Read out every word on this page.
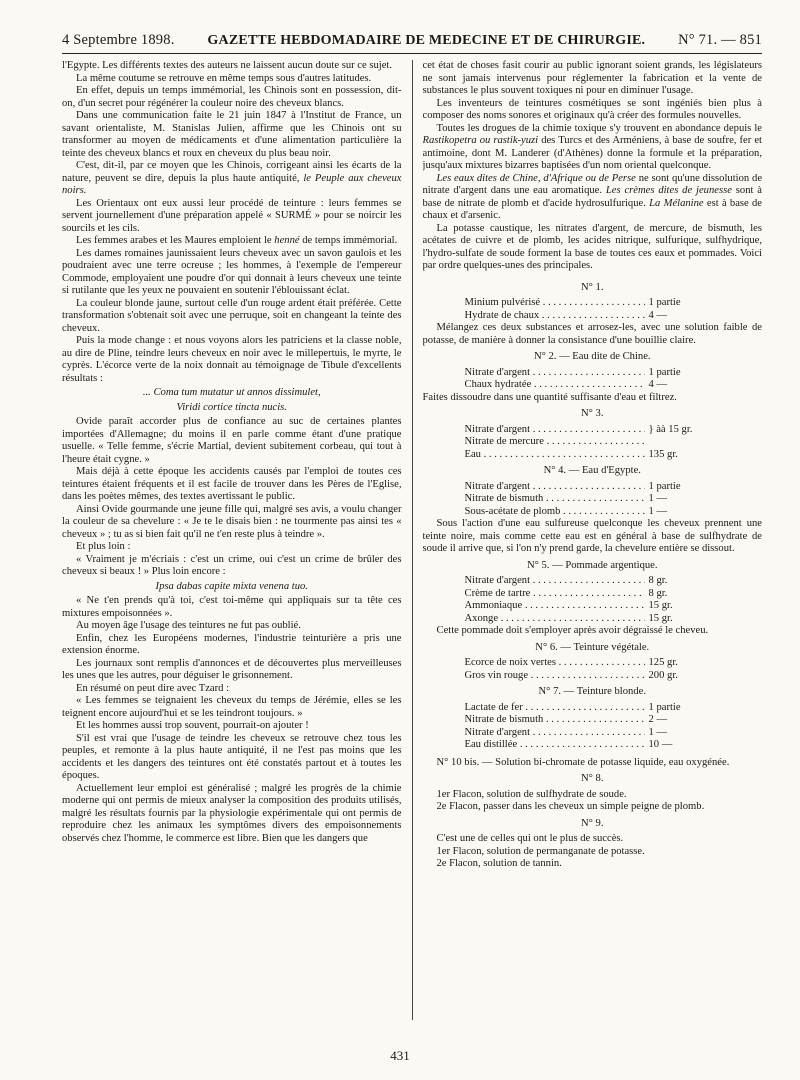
4 Septembre 1898. GAZETTE HEBDOMADAIRE DE MEDECINE ET DE CHIRURGIE. N° 71. — 851

l'Egypte. Les différents textes des auteurs ne laissent aucun doute sur ce sujet.

La même coutume se retrouve en même temps sous d'autres latitudes.

En effet, depuis un temps immémorial, les Chinois sont en possession, dit-on, d'un secret pour régénérer la couleur noire des cheveux blancs.

Dans une communication faite le 21 juin 1847 à l'Institut de France, un savant orientaliste, M. Stanislas Julien, affirme que les Chinois ont su transformer au moyen de médicaments et d'une alimentation particulière la teinte des cheveux blancs et roux en cheveux du plus beau noir.

C'est, dit-il, par ce moyen que les Chinois, corrigeant ainsi les écarts de la nature, peuvent se dire, depuis la plus haute antiquité, le Peuple aux cheveux noirs.

Les Orientaux ont eux aussi leur procédé de teinture : leurs femmes se servent journellement d'une préparation appelé « SURMÉ » pour se noircir les sourcils et les cils.

Les femmes arabes et les Maures emploient le henné de temps immémorial.

Les dames romaines jaunissaient leurs cheveux avec un savon gaulois et les poudraient avec une terre ocreuse ; les hommes, à l'exemple de l'empereur Commode, employaient une poudre d'or qui donnait à leurs cheveux une teinte si rutilante que les yeux ne pouvaient en soutenir l'éblouissant éclat.

La couleur blonde jaune, surtout celle d'un rouge ardent était préférée. Cette transformation s'obtenait soit avec une perruque, soit en changeant la teinte des cheveux.

Puis la mode change : et nous voyons alors les patriciens et la classe noble, au dire de Pline, teindre leurs cheveux en noir avec le millepertuis, le myrte, le cyprès. L'écorce verte de la noix donnait au témoignage de Tibule d'excellents résultats :

... Coma tum mutatur ut annos dissimulet,

Viridi cortice tincta nucis.

Ovide paraît accorder plus de confiance au suc de certaines plantes importées d'Allemagne; du moins il en parle comme étant d'une pratique usuelle. « Telle femme, s'écrie Martial, devient subitement corbeau, qui tout à l'heure était cygne. »

Mais déjà à cette époque les accidents causés par l'emploi de toutes ces teintures étaient fréquents et il est facile de trouver dans les Pères de l'Eglise, dans les poètes mêmes, des textes avertissant le public.

Ainsi Ovide gourmande une jeune fille qui, malgré ses avis, a voulu changer la couleur de sa chevelure : « Je te le disais bien : ne tourmente pas ainsi tes « cheveux » ; tu as si bien fait qu'il ne t'en reste plus à teindre ».

Et plus loin :

« Vraiment je m'écriais : c'est un crime, oui c'est un crime de brûler des cheveux si beaux ! » Plus loin encore :

Ipsa dabas capite mixta venena tuo.

« Ne t'en prends qu'à toi, c'est toi-même qui appliquais sur ta tête ces mixtures empoisonnées ».

Au moyen âge l'usage des teintures ne fut pas oublié.

Enfin, chez les Européens modernes, l'industrie teinturière a pris une extension énorme.

Les journaux sont remplis d'annonces et de découvertes plus merveilleuses les unes que les autres, pour déguiser le grisonnement.

En résumé on peut dire avec Tzard :

« Les femmes se teignaient les cheveux du temps de Jérémie, elles se les teignent encore aujourd'hui et se les teindront toujours. »

Et les hommes aussi trop souvent, pourrait-on ajouter !

S'il est vrai que l'usage de teindre les cheveux se retrouve chez tous les peuples, et remonte à la plus haute antiquité, il ne l'est pas moins que les accidents et les dangers des teintures ont été constatés partout et à toutes les époques.

Actuellement leur emploi est généralisé ; malgré les progrès de la chimie moderne qui ont permis de mieux analyser la composition des produits utilisés, malgré les résultats fournis par la physiologie expérimentale qui ont permis de reproduire chez les animaux les symptômes divers des empoisonnements observés chez l'homme, le commerce est libre. Bien que les dangers que

cet état de choses fasit courir au public ignorant soient grands, les législateurs ne sont jamais intervenus pour réglementer la fabrication et la vente de substances le plus souvent toxiques ni pour en diminuer l'usage.

Les inventeurs de teintures cosmétiques se sont ingéniés bien plus à composer des noms sonores et originaux qu'à créer des formules nouvelles.

Toutes les drogues de la chimie toxique s'y trouvent en abondance depuis le Rastikopetra ou rastik-yuzi des Turcs et des Arméniens, à base de soufre, fer et antimoine, dont M. Landerer (d'Athènes) donne la formule et la préparation, jusqu'aux mixtures bizarres baptisées d'un nom oriental quelconque.

Les eaux dites de Chine, d'Afrique ou de Perse ne sont qu'une dissolution de nitrate d'argent dans une eau aromatique. Les crèmes dites de jeunesse sont à base de nitrate de plomb et d'acide hydrosulfurique. La Mélanine est à base de chaux et d'arsenic.

La potasse caustique, les nitrates d'argent, de mercure, de bismuth, les acétates de cuivre et de plomb, les acides nitrique, sulfurique, sulfhydrique, l'hydro-sulfate de soude forment la base de toutes ces eaux et pommades. Voici par ordre quelques-unes des principales.

N° 1.

Minium pulvérisé . . .	1 partie
Hydrate de chaux . . .	4 —

Mélangez ces deux substances et arrosez-les, avec une solution faible de potasse, de manière à donner la consistance d'une bouillie claire.

N° 2. — Eau dite de Chine.

Nitrate d'argent . . .	1 partie
Chaux hydratée . . .	4 —

Faites dissoudre dans une quantité suffisante d'eau et filtrez.

N° 3.

Nitrate d'argent . . .	} àà 15 gr.
Nitrate de mercure . . .
Eau . . .	135 gr.

N° 4. — Eau d'Egypte.

Nitrate d'argent . . .	1 partie
Nitrate de bismuth . . .	1 —
Sous-acétate de plomb . . .	1 —

Sous l'action d'une eau sulfureuse quelconque les cheveux prennent une teinte noire, mais comme cette eau est en général à base de sulfhydrate de soude il arrive que, si l'on n'y prend garde, la chevelure entière se dissout.

N° 5. — Pommade argentique.

Nitrate d'argent . . .	8 gr.
Crème de tartre . . .	8 gr.
Ammoniaque . . .	15 gr.
Axonge . . .	15 gr.

Cette pommade doit s'employer après avoir dégraissé le cheveu.

N° 6. — Teinture végétale.

Ecorce de noix vertes . . .	125 gr.
Gros vin rouge . . .	200 gr.

N° 7. — Teinture blonde.

Lactate de fer . . .	1 partie
Nitrate de bismuth . . .	2 —
Nitrate d'argent . . .	1 —
Eau distillée . . .	10 —

N° 10 bis. — Solution bi-chromate de potasse liquide, eau oxygénée.

N° 8.

1er Flacon, solution de sulfhydrate de soude.

2e Flacon, passer dans les cheveux un simple peigne de plomb.

N° 9.

C'est une de celles qui ont le plus de succès.

1er Flacon, solution de permanganate de potasse.

2e Flacon, solution de tannin.

431
